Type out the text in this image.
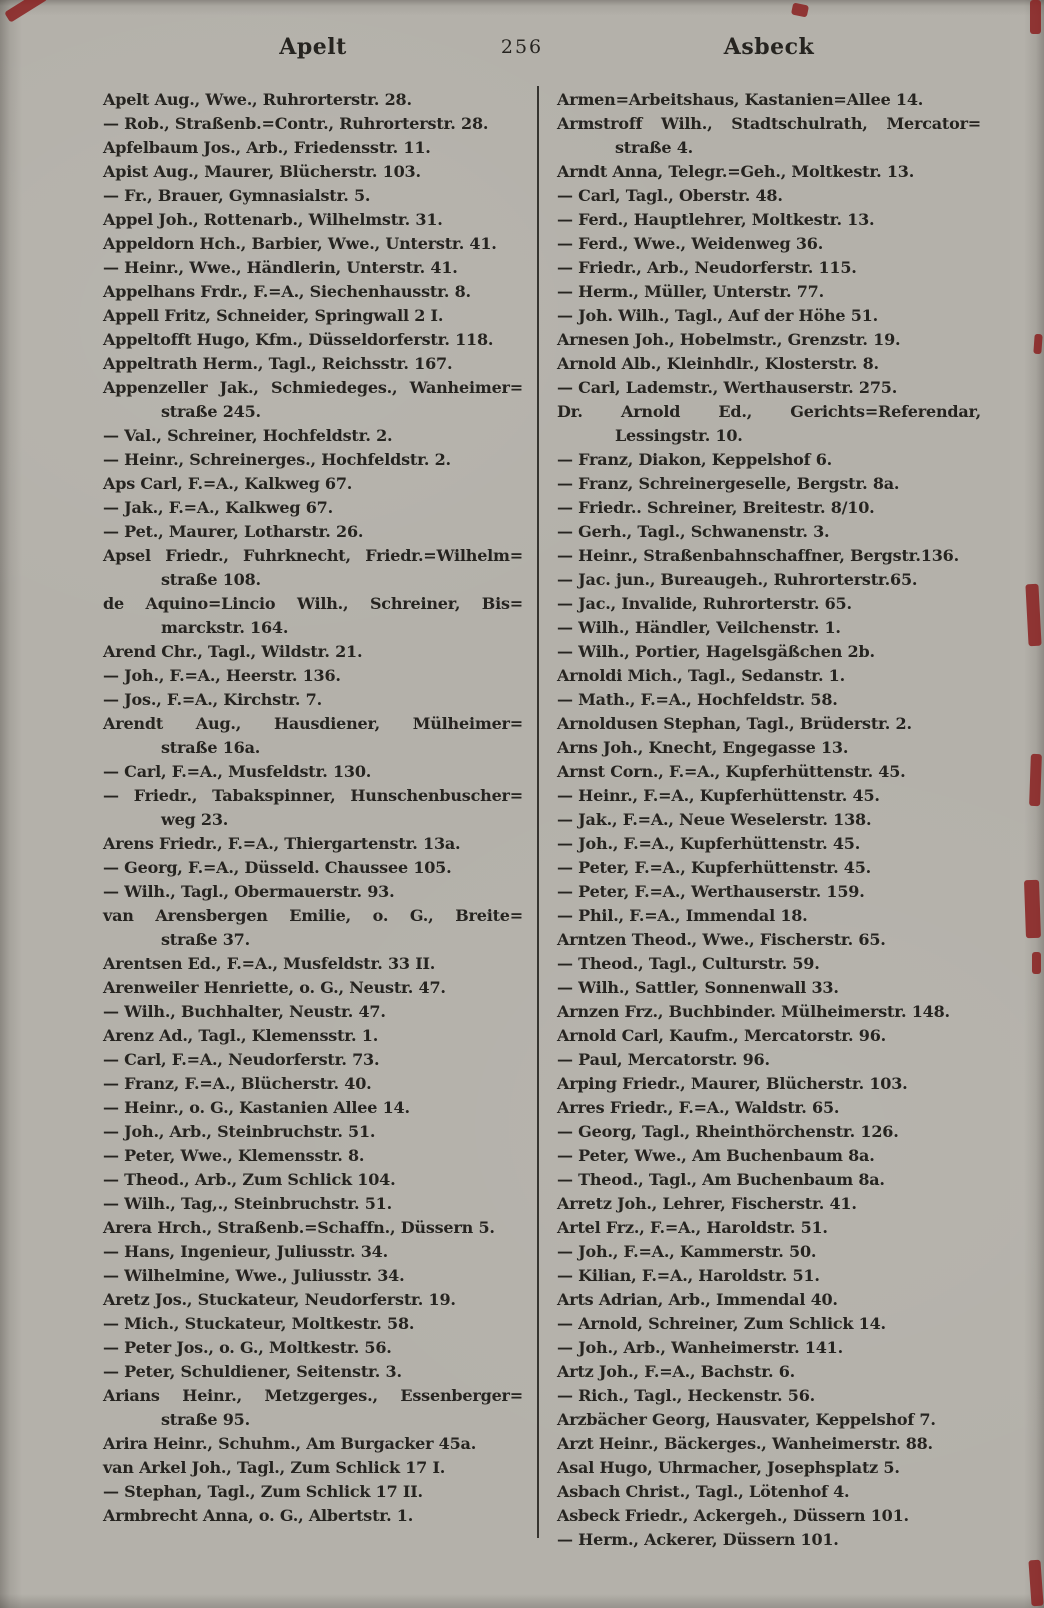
Apelt	256	Asbeck
Apelt Aug., Wwe., Ruhrorterstr. 28.
— Rob., Straßenb.=Contr., Ruhrorterstr. 28.
Apfelbaum Jos., Arb., Friedensstr. 11.
Apist Aug., Maurer, Blücherstr. 103.
— Fr., Brauer, Gymnasialstr. 5.
Appel Joh., Rottenarb., Wilhelmstr. 31.
Appeldorn Hch., Barbier, Wwe., Unterstr. 41.
— Heinr., Wwe., Händlerin, Unterstr. 41.
Appelhans Frdr., F.=A., Siechenhausstr. 8.
Appell Fritz, Schneider, Springwall 2 I.
Appeltofft Hugo, Kfm., Düsseldorferstr. 118.
Appeltrath Herm., Tagl., Reichsstr. 167.
Appenzeller Jak., Schmiedeges., Wanheimer=
straße 245.
— Val., Schreiner, Hochfeldstr. 2.
— Heinr., Schreinerges., Hochfeldstr. 2.
Aps Carl, F.=A., Kalkweg 67.
— Jak., F.=A., Kalkweg 67.
— Pet., Maurer, Lotharstr. 26.
Apsel Friedr., Fuhrknecht, Friedr.=Wilhelm=
straße 108.
de Aquino=Lincio Wilh., Schreiner, Bis=
marckstr. 164.
Arend Chr., Tagl., Wildstr. 21.
— Joh., F.=A., Heerstr. 136.
— Jos., F.=A., Kirchstr. 7.
Arendt Aug., Hausdiener, Mülheimer=
straße 16a.
— Carl, F.=A., Musfeldstr. 130.
— Friedr., Tabakspinner, Hunschenbuscher=
weg 23.
Arens Friedr., F.=A., Thiergartenstr. 13a.
— Georg, F.=A., Düsseld. Chaussee 105.
— Wilh., Tagl., Obermauerstr. 93.
van Arensbergen Emilie, o. G., Breite=
straße 37.
Arentsen Ed., F.=A., Musfeldstr. 33 II.
Arenweiler Henriette, o. G., Neustr. 47.
— Wilh., Buchhalter, Neustr. 47.
Arenz Ad., Tagl., Klemensstr. 1.
— Carl, F.=A., Neudorferstr. 73.
— Franz, F.=A., Blücherstr. 40.
— Heinr., o. G., Kastanien Allee 14.
— Joh., Arb., Steinbruchstr. 51.
— Peter, Wwe., Klemensstr. 8.
— Theod., Arb., Zum Schlick 104.
— Wilh., Tag,., Steinbruchstr. 51.
Arera Hrch., Straßenb.=Schaffn., Düssern 5.
— Hans, Ingenieur, Juliusstr. 34.
— Wilhelmine, Wwe., Juliusstr. 34.
Aretz Jos., Stuckateur, Neudorferstr. 19.
— Mich., Stuckateur, Moltkestr. 58.
— Peter Jos., o. G., Moltkestr. 56.
— Peter, Schuldiener, Seitenstr. 3.
Arians Heinr., Metzgerges., Essenberger=
straße 95.
Arira Heinr., Schuhm., Am Burgacker 45a.
van Arkel Joh., Tagl., Zum Schlick 17 I.
— Stephan, Tagl., Zum Schlick 17 II.
Armbrecht Anna, o. G., Albertstr. 1.
Armen=Arbeitshaus, Kastanien=Allee 14.
Armstroff Wilh., Stadtschulrath, Mercator=
straße 4.
Arndt Anna, Telegr.=Geh., Moltkestr. 13.
— Carl, Tagl., Oberstr. 48.
— Ferd., Hauptlehrer, Moltkestr. 13.
— Ferd., Wwe., Weidenweg 36.
— Friedr., Arb., Neudorferstr. 115.
— Herm., Müller, Unterstr. 77.
— Joh. Wilh., Tagl., Auf der Höhe 51.
Arnesen Joh., Hobelmstr., Grenzstr. 19.
Arnold Alb., Kleinhdlr., Klosterstr. 8.
— Carl, Lademstr., Werthauserstr. 275.
Dr. Arnold Ed., Gerichts=Referendar,
Lessingstr. 10.
— Franz, Diakon, Keppelshof 6.
— Franz, Schreinergeselle, Bergstr. 8a.
— Friedr.. Schreiner, Breitestr. 8/10.
— Gerh., Tagl., Schwanenstr. 3.
— Heinr., Straßenbahnschaffner, Bergstr.136.
— Jac. jun., Bureaugeh., Ruhrorterstr.65.
— Jac., Invalide, Ruhrorterstr. 65.
— Wilh., Händler, Veilchenstr. 1.
— Wilh., Portier, Hagelsgäßchen 2b.
Arnoldi Mich., Tagl., Sedanstr. 1.
— Math., F.=A., Hochfeldstr. 58.
Arnoldusen Stephan, Tagl., Brüderstr. 2.
Arns Joh., Knecht, Engegasse 13.
Arnst Corn., F.=A., Kupferhüttenstr. 45.
— Heinr., F.=A., Kupferhüttenstr. 45.
— Jak., F.=A., Neue Weselerstr. 138.
— Joh., F.=A., Kupferhüttenstr. 45.
— Peter, F.=A., Kupferhüttenstr. 45.
— Peter, F.=A., Werthauserstr. 159.
— Phil., F.=A., Immendal 18.
Arntzen Theod., Wwe., Fischerstr. 65.
— Theod., Tagl., Culturstr. 59.
— Wilh., Sattler, Sonnenwall 33.
Arnzen Frz., Buchbinder. Mülheimerstr. 148.
Arnold Carl, Kaufm., Mercatorstr. 96.
— Paul, Mercatorstr. 96.
Arping Friedr., Maurer, Blücherstr. 103.
Arres Friedr., F.=A., Waldstr. 65.
— Georg, Tagl., Rheinthörchenstr. 126.
— Peter, Wwe., Am Buchenbaum 8a.
— Theod., Tagl., Am Buchenbaum 8a.
Arretz Joh., Lehrer, Fischerstr. 41.
Artel Frz., F.=A., Haroldstr. 51.
— Joh., F.=A., Kammerstr. 50.
— Kilian, F.=A., Haroldstr. 51.
Arts Adrian, Arb., Immendal 40.
— Arnold, Schreiner, Zum Schlick 14.
— Joh., Arb., Wanheimerstr. 141.
Artz Joh., F.=A., Bachstr. 6.
— Rich., Tagl., Heckenstr. 56.
Arzbächer Georg, Hausvater, Keppelshof 7.
Arzt Heinr., Bäckerges., Wanheimerstr. 88.
Asal Hugo, Uhrmacher, Josephsplatz 5.
Asbach Christ., Tagl., Lötenhof 4.
Asbeck Friedr., Ackergeh., Düssern 101.
— Herm., Ackerer, Düssern 101.
